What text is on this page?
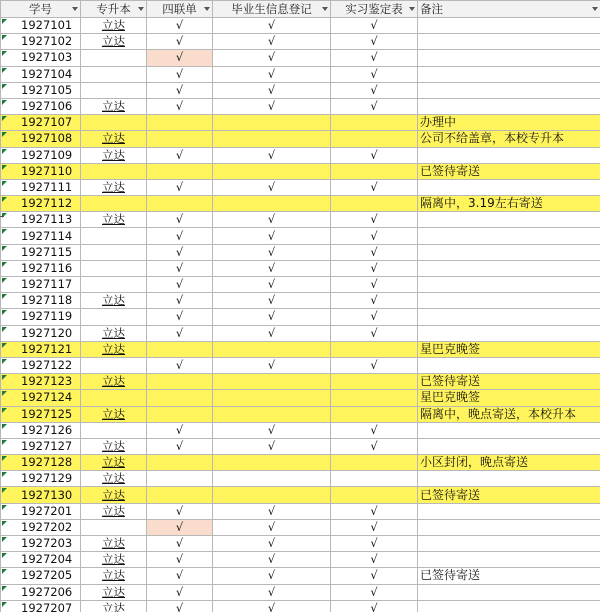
学号	专升本	四联单	毕业生信息登记	实习鉴定表	备注

1927101	立达	√	√	√	

1927102	立达	√	√	√	

1927103		√	√	√	

1927104		√	√	√	

1927105		√	√	√	

1927106	立达	√	√	√	

1927107					办理中

1927108	立达				公司不给盖章，本校专升本

1927109	立达	√	√	√	

1927110					已签待寄送

1927111	立达	√	√	√	

1927112					隔离中，3.19左右寄送

1927113	立达	√	√	√	

1927114		√	√	√	

1927115		√	√	√	

1927116		√	√	√	

1927117		√	√	√	

1927118	立达	√	√	√	

1927119		√	√	√	

1927120	立达	√	√	√	

1927121	立达				星巴克晚签

1927122		√	√	√	

1927123	立达				已签待寄送

1927124					星巴克晚签

1927125	立达				隔离中，晚点寄送，本校升本

1927126		√	√	√	

1927127	立达	√	√	√	

1927128	立达				小区封闭，晚点寄送

1927129	立达				

1927130	立达				已签待寄送

1927201	立达	√	√	√	

1927202		√	√	√	

1927203	立达	√	√	√	

1927204	立达	√	√	√	

1927205	立达	√	√	√	已签待寄送

1927206	立达	√	√	√	

1927207	立达	√	√	√	
